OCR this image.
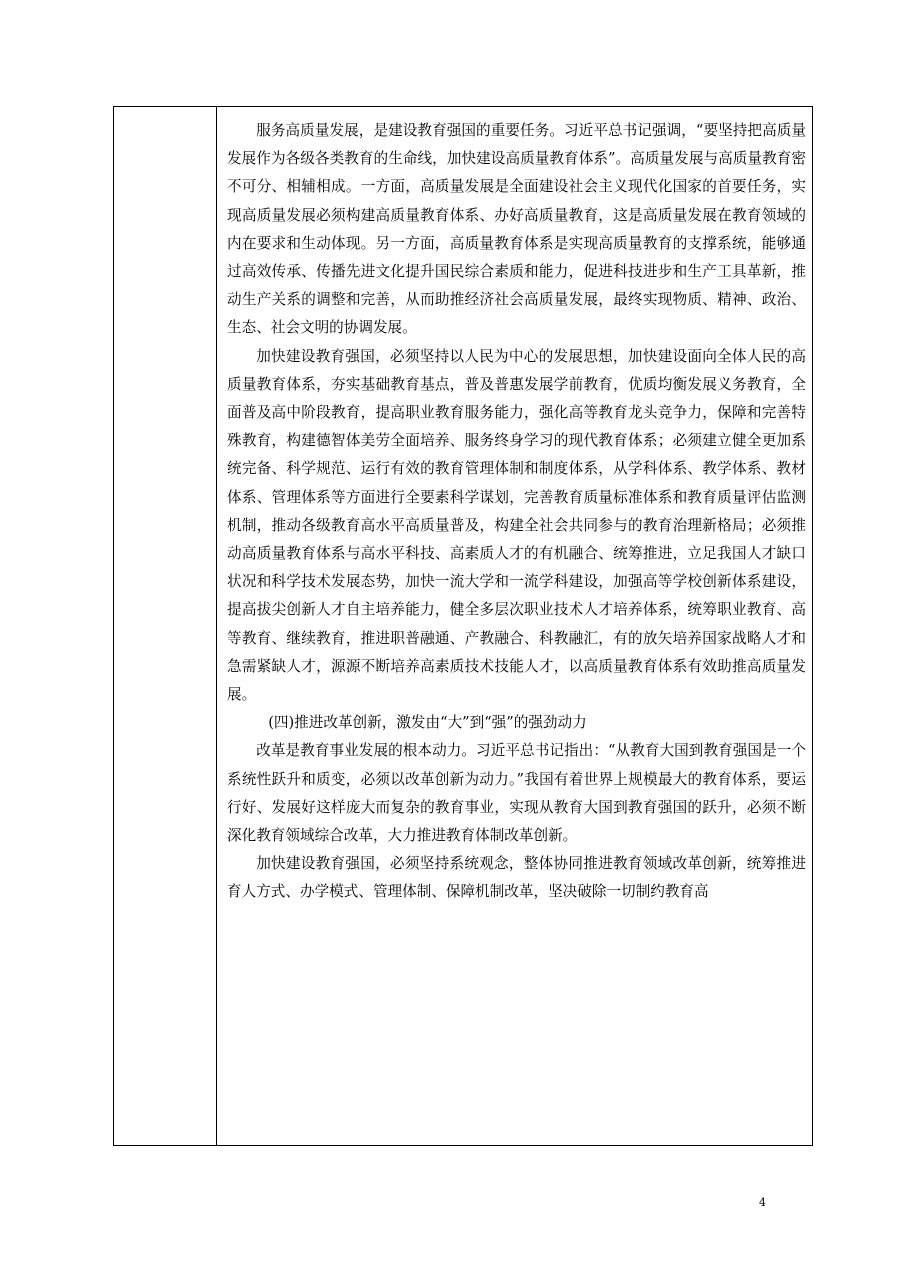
服务高质量发展，是建设教育强国的重要任务。习近平总书记强调，“要坚持把高质量发展作为各级各类教育的生命线，加快建设高质量教育体系”。高质量发展与高质量教育密不可分、相辅相成。一方面，高质量发展是全面建设社会主义现代化国家的首要任务，实现高质量发展必须构建高质量教育体系、办好高质量教育，这是高质量发展在教育领域的内在要求和生动体现。另一方面，高质量教育体系是实现高质量教育的支撑系统，能够通过高效传承、传播先进文化提升国民综合素质和能力，促进科技进步和生产工具革新，推动生产关系的调整和完善，从而助推经济社会高质量发展，最终实现物质、精神、政治、生态、社会文明的协调发展。

加快建设教育强国，必须坚持以人民为中心的发展思想，加快建设面向全体人民的高质量教育体系，夯实基础教育基点，普及普惠发展学前教育，优质均衡发展义务教育，全面普及高中阶段教育，提高职业教育服务能力，强化高等教育龙头竞争力，保障和完善特殊教育，构建德智体美劳全面培养、服务终身学习的现代教育体系；必须建立健全更加系统完备、科学规范、运行有效的教育管理体制和制度体系，从学科体系、教学体系、教材体系、管理体系等方面进行全要素科学谋划，完善教育质量标准体系和教育质量评估监测机制，推动各级教育高水平高质量普及，构建全社会共同参与的教育治理新格局；必须推动高质量教育体系与高水平科技、高素质人才的有机融合、统筹推进，立足我国人才缺口状况和科学技术发展态势，加快一流大学和一流学科建设，加强高等学校创新体系建设，提高拔尖创新人才自主培养能力，健全多层次职业技术人才培养体系，统筹职业教育、高等教育、继续教育，推进职普融通、产教融合、科教融汇，有的放矢培养国家战略人才和急需紧缺人才，源源不断培养高素质技术技能人才，以高质量教育体系有效助推高质量发展。

(四)推进改革创新，激发由“大”到“强”的强劲动力

改革是教育事业发展的根本动力。习近平总书记指出：“从教育大国到教育强国是一个系统性跃升和质变，必须以改革创新为动力。”我国有着世界上规模最大的教育体系，要运行好、发展好这样庞大而复杂的教育事业，实现从教育大国到教育强国的跃升，必须不断深化教育领域综合改革，大力推进教育体制改革创新。

加快建设教育强国，必须坚持系统观念，整体协同推进教育领域改革创新，统筹推进育人方式、办学模式、管理体制、保障机制改革，坚决破除一切制约教育高

4
